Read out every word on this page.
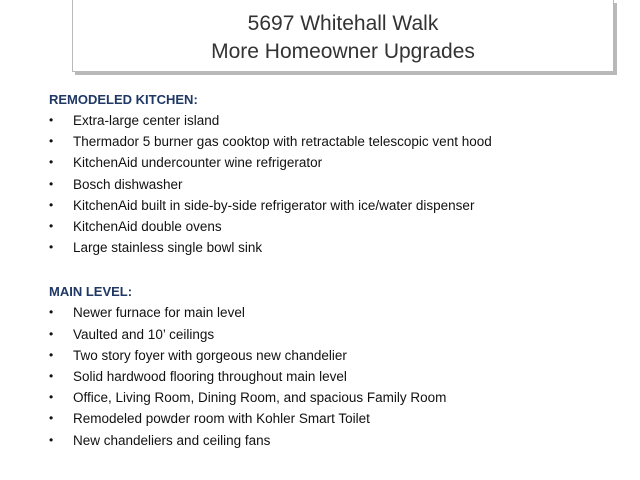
5697 Whitehall Walk
More Homeowner Upgrades

REMODELED KITCHEN:

• Extra-large center island
• Thermador 5 burner gas cooktop with retractable telescopic vent hood
• KitchenAid undercounter wine refrigerator
• Bosch dishwasher
• KitchenAid built in side-by-side refrigerator with ice/water dispenser
• KitchenAid double ovens
• Large stainless single bowl sink

MAIN LEVEL:

• Newer furnace for main level
• Vaulted and 10’ ceilings
• Two story foyer with gorgeous new chandelier
• Solid hardwood flooring throughout main level
• Office, Living Room, Dining Room, and spacious Family Room
• Remodeled powder room with Kohler Smart Toilet
• New chandeliers and ceiling fans
